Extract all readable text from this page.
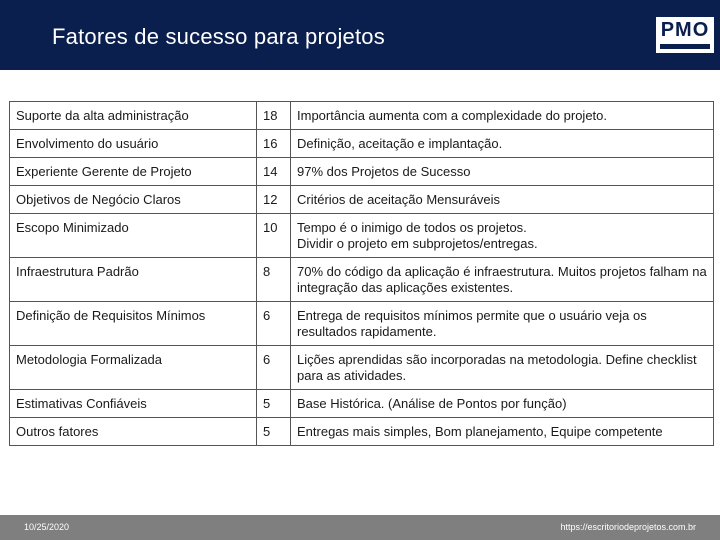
Fatores de sucesso para projetos	PMO
Suporte da alta administração	18	Importância aumenta com a complexidade do projeto.
Envolvimento do usuário	16	Definição, aceitação e implantação.
Experiente Gerente de Projeto	14	97% dos Projetos de Sucesso
Objetivos de Negócio Claros	12	Critérios de aceitação Mensuráveis
Escopo Minimizado	10	Tempo é o inimigo de todos os projetos.
Dividir o projeto em subprojetos/entregas.

Infraestrutura Padrão	8	70% do código da aplicação é infraestrutura. Muitos projetos falham na integração das aplicações existentes.
Definição de Requisitos Mínimos	6	Entrega de requisitos mínimos permite que o usuário veja os resultados rapidamente.
Metodologia Formalizada	6	Lições aprendidas são incorporadas na metodologia. Define checklist para as atividades.
Estimativas Confiáveis	5	Base Histórica. (Análise de Pontos por função)
Outros fatores	5	Entregas mais simples, Bom planejamento, Equipe competente
10/25/2020	https://escritoriodeprojetos.com.br
